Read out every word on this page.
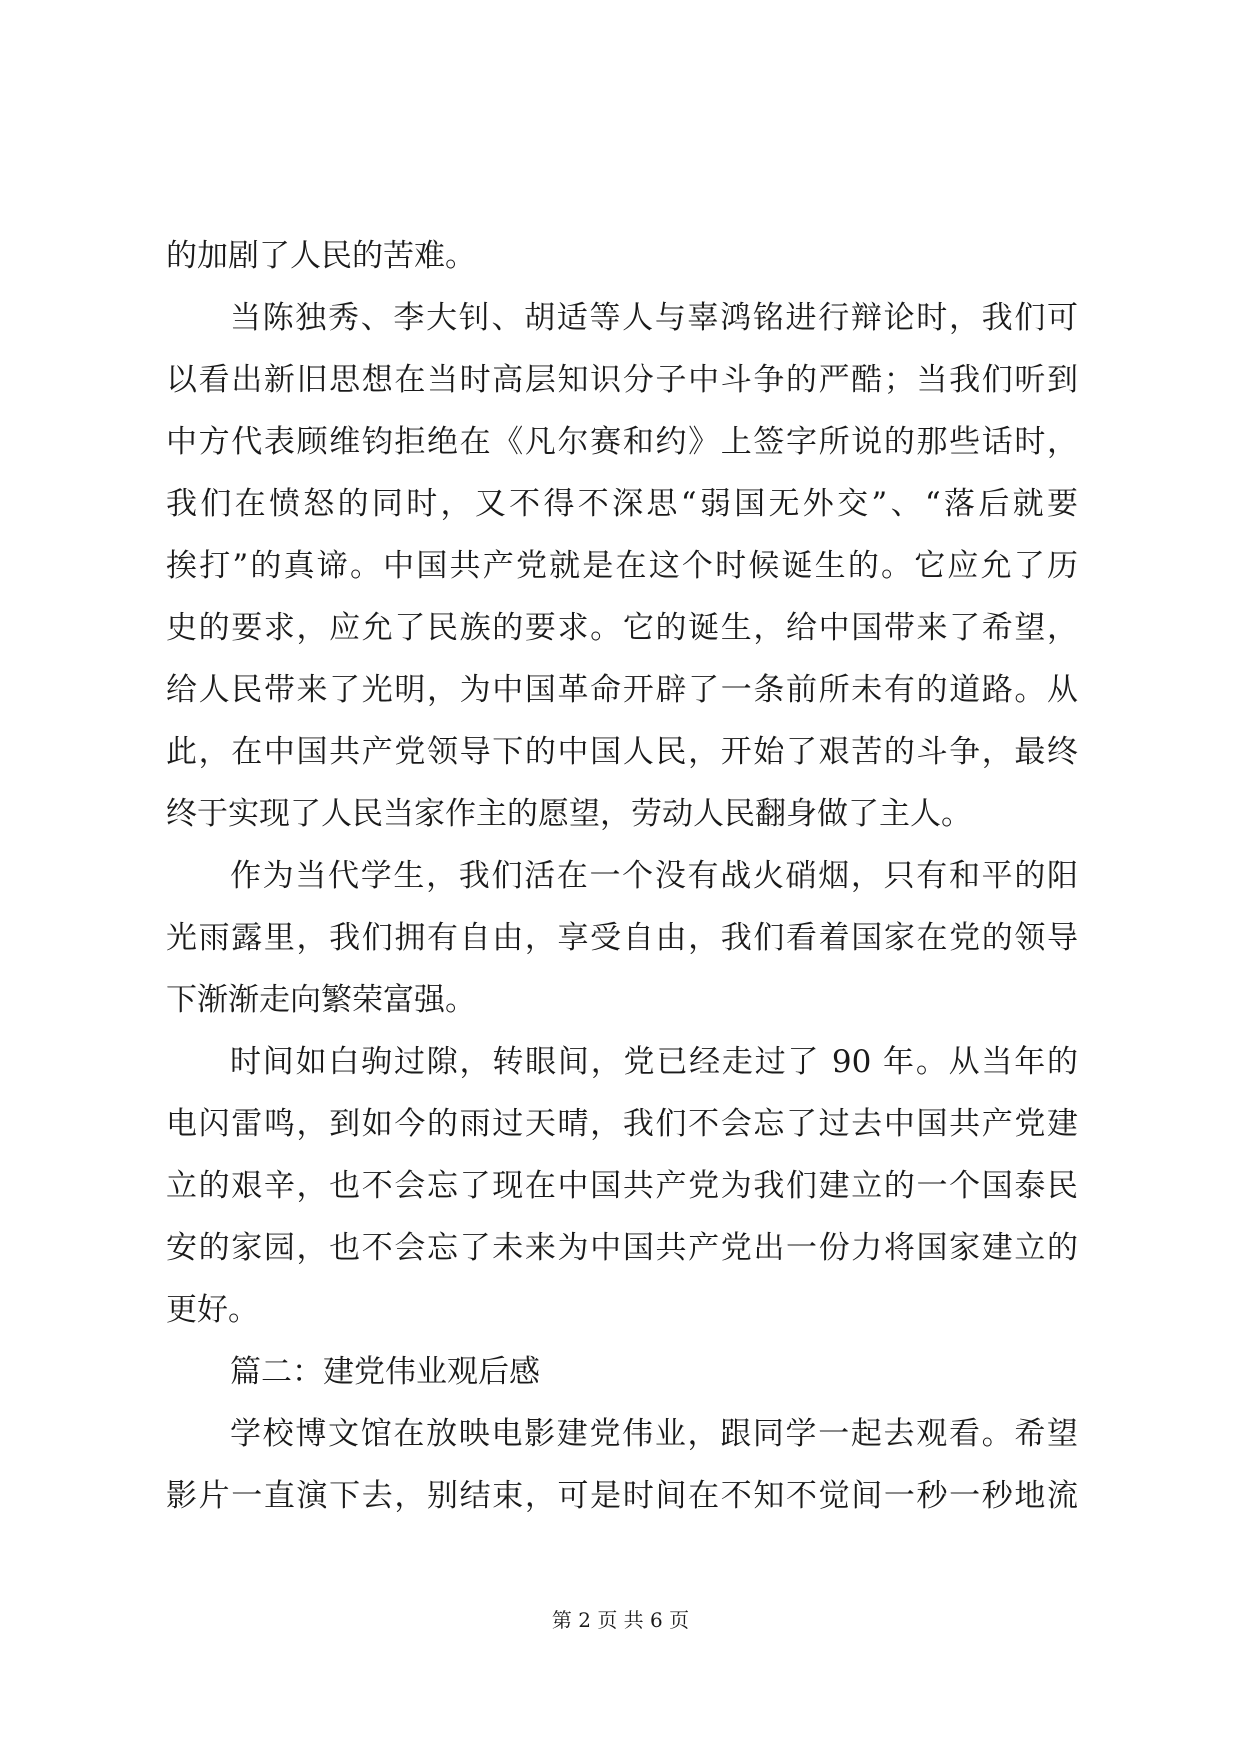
的加剧了人民的苦难。
当陈独秀、李大钊、胡适等人与辜鸿铭进行辩论时，我们可
以看出新旧思想在当时高层知识分子中斗争的严酷；当我们听到
中方代表顾维钧拒绝在《凡尔赛和约》上签字所说的那些话时，
我们在愤怒的同时，又不得不深思“弱国无外交”、“落后就要
挨打”的真谛。中国共产党就是在这个时候诞生的。它应允了历
史的要求，应允了民族的要求。它的诞生，给中国带来了希望，
给人民带来了光明，为中国革命开辟了一条前所未有的道路。从
此，在中国共产党领导下的中国人民，开始了艰苦的斗争，最终
终于实现了人民当家作主的愿望，劳动人民翻身做了主人。
作为当代学生，我们活在一个没有战火硝烟，只有和平的阳
光雨露里，我们拥有自由，享受自由，我们看着国家在党的领导
下渐渐走向繁荣富强。
时间如白驹过隙，转眼间，党已经走过了 90 年。从当年的
电闪雷鸣，到如今的雨过天晴，我们不会忘了过去中国共产党建
立的艰辛，也不会忘了现在中国共产党为我们建立的一个国泰民
安的家园，也不会忘了未来为中国共产党出一份力将国家建立的
更好。
篇二：建党伟业观后感
学校博文馆在放映电影建党伟业，跟同学一起去观看。希望
影片一直演下去，别结束，可是时间在不知不觉间一秒一秒地流
第 2 页 共 6 页
